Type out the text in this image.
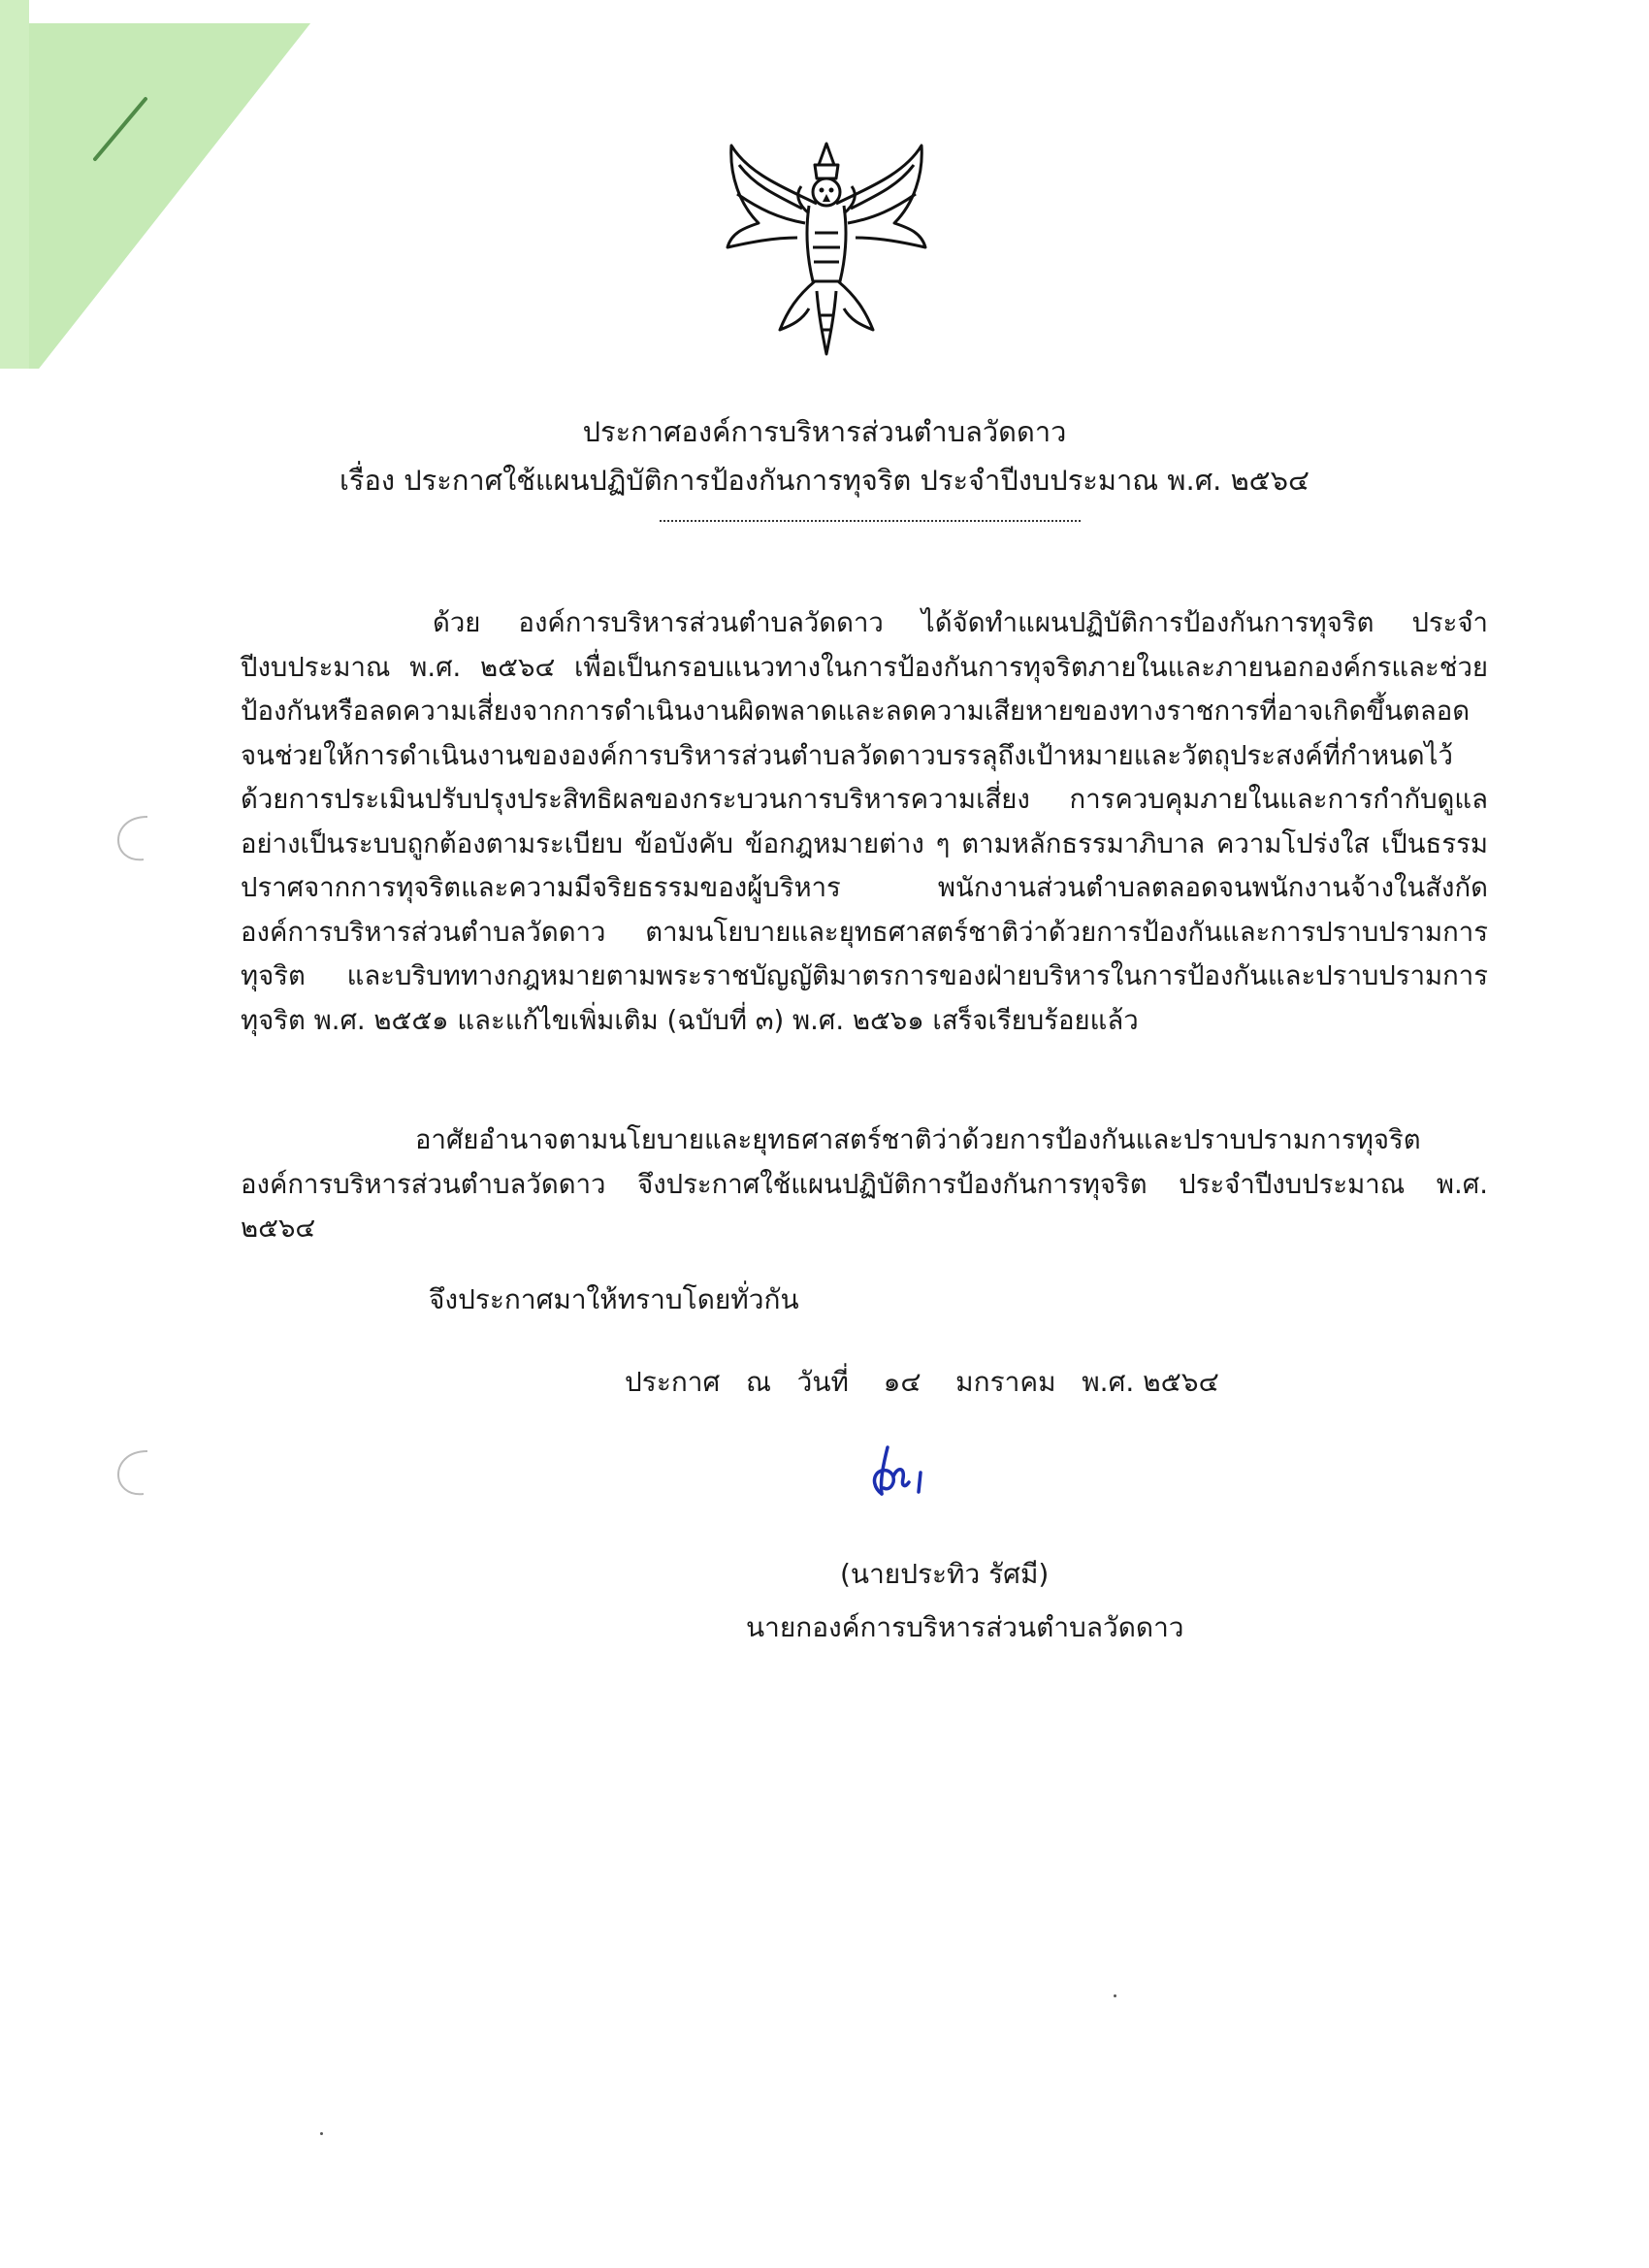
ประกาศองค์การบริหารส่วนตำบลวัดดาว
เรื่อง ประกาศใช้แผนปฏิบัติการป้องกันการทุจริต ประจำปีงบประมาณ พ.ศ. ๒๕๖๔
ด้วย องค์การบริหารส่วนตำบลวัดดาว ได้จัดทำแผนปฏิบัติการป้องกันการทุจริต ประจำปีงบประมาณ พ.ศ. ๒๕๖๔ เพื่อเป็นกรอบแนวทางในการป้องกันการทุจริตภายในและภายนอกองค์กรและช่วยป้องกันหรือลดความเสี่ยงจากการดำเนินงานผิดพลาดและลดความเสียหายของทางราชการที่อาจเกิดขึ้นตลอดจนช่วยให้การดำเนินงานขององค์การบริหารส่วนตำบลวัดดาวบรรลุถึงเป้าหมายและวัตถุประสงค์ที่กำหนดไว้ ด้วยการประเมินปรับปรุงประสิทธิผลของกระบวนการบริหารความเสี่ยง การควบคุมภายในและการกำกับดูแลอย่างเป็นระบบถูกต้องตามระเบียบ ข้อบังคับ ข้อกฎหมายต่าง ๆ ตามหลักธรรมาภิบาล ความโปร่งใส เป็นธรรม ปราศจากการทุจริตและความมีจริยธรรมของผู้บริหาร พนักงานส่วนตำบลตลอดจนพนักงานจ้างในสังกัดองค์การบริหารส่วนตำบลวัดดาว ตามนโยบายและยุทธศาสตร์ชาติว่าด้วยการป้องกันและการปราบปรามการทุจริต และบริบททางกฎหมายตามพระราชบัญญัติมาตรการของฝ่ายบริหารในการป้องกันและปราบปรามการทุจริต พ.ศ. ๒๕๕๑ และแก้ไขเพิ่มเติม (ฉบับที่ ๓) พ.ศ. ๒๕๖๑ เสร็จเรียบร้อยแล้ว
อาศัยอำนาจตามนโยบายและยุทธศาสตร์ชาติว่าด้วยการป้องกันและปราบปรามการทุจริตองค์การบริหารส่วนตำบลวัดดาว จึงประกาศใช้แผนปฏิบัติการป้องกันการทุจริต ประจำปีงบประมาณ พ.ศ. ๒๕๖๔
จึงประกาศมาให้ทราบโดยทั่วกัน
ประกาศ   ณ   วันที่    ๑๔    มกราคม   พ.ศ. ๒๕๖๔
(นายประทิว รัศมี)
นายกองค์การบริหารส่วนตำบลวัดดาว
